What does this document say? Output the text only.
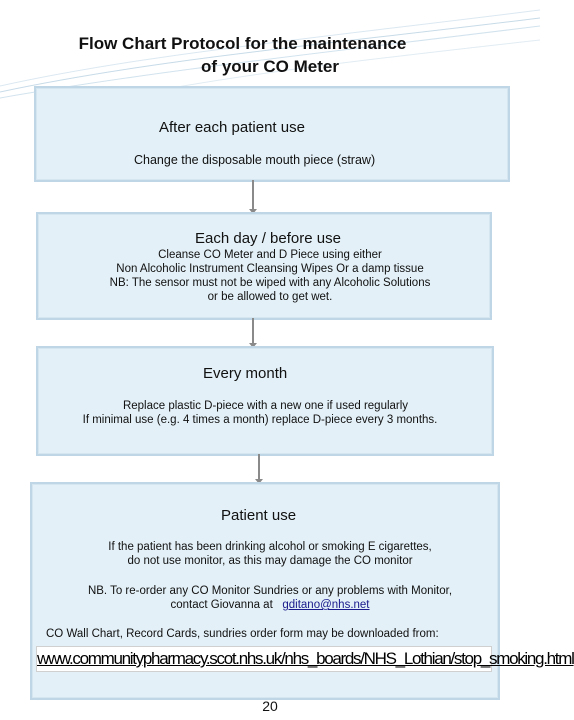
Flow Chart Protocol for the maintenance
of your CO Meter
After each patient use
Change the disposable mouth piece (straw)
Each day / before use
Cleanse CO Meter and D Piece using either
Non Alcoholic Instrument Cleansing Wipes Or a damp tissue
NB: The sensor must not be wiped with any Alcoholic Solutions
or be allowed to get wet.
Every month
Replace plastic D-piece with a new one if used regularly
If minimal use (e.g. 4 times a month) replace D-piece every 3 months.
Patient use
If the patient has been drinking alcohol or smoking E cigarettes,
do not use monitor, as this may damage the CO monitor
NB. To re-order any CO Monitor Sundries or any problems with Monitor,
contact Giovanna at gditano@nhs.net
CO Wall Chart, Record Cards, sundries order form may be downloaded from:
www.communitypharmacy.scot.nhs.uk/nhs_boards/NHS_Lothian/stop_smoking.html
20
